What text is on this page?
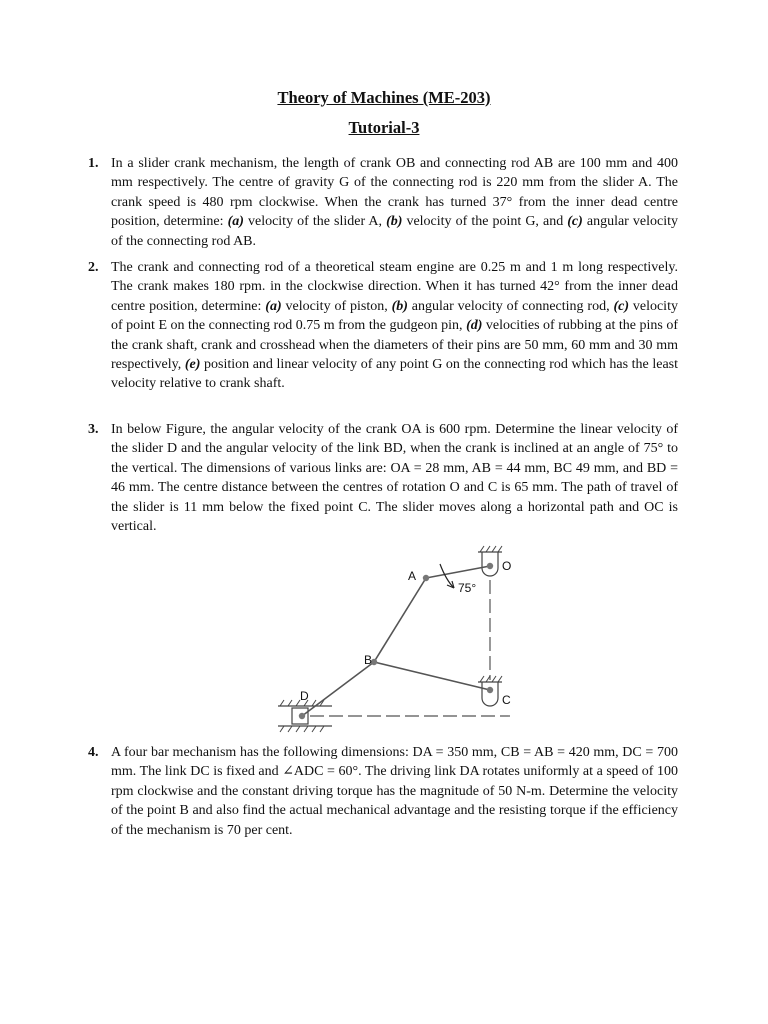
Theory of Machines (ME-203)
Tutorial-3
1. In a slider crank mechanism, the length of crank OB and connecting rod AB are 100 mm and 400 mm respectively. The centre of gravity G of the connecting rod is 220 mm from the slider A. The crank speed is 480 rpm clockwise. When the crank has turned 37° from the inner dead centre position, determine: (a) velocity of the slider A, (b) velocity of the point G, and (c) angular velocity of the connecting rod AB.
2. The crank and connecting rod of a theoretical steam engine are 0.25 m and 1 m long respectively. The crank makes 180 rpm. in the clockwise direction. When it has turned 42° from the inner dead centre position, determine: (a) velocity of piston, (b) angular velocity of connecting rod, (c) velocity of point E on the connecting rod 0.75 m from the gudgeon pin, (d) velocities of rubbing at the pins of the crank shaft, crank and crosshead when the diameters of their pins are 50 mm, 60 mm and 30 mm respectively, (e) position and linear velocity of any point G on the connecting rod which has the least velocity relative to crank shaft.
3. In below Figure, the angular velocity of the crank OA is 600 rpm. Determine the linear velocity of the slider D and the angular velocity of the link BD, when the crank is inclined at an angle of 75° to the vertical. The dimensions of various links are: OA = 28 mm, AB = 44 mm, BC 49 mm, and BD = 46 mm. The centre distance between the centres of rotation O and C is 65 mm. The path of travel of the slider is 11 mm below the fixed point C. The slider moves along a horizontal path and OC is vertical.
A
O
75°
B
C
D
4. A four bar mechanism has the following dimensions: DA = 350 mm, CB = AB = 420 mm, DC = 700 mm. The link DC is fixed and ∠ADC = 60°. The driving link DA rotates uniformly at a speed of 100 rpm clockwise and the constant driving torque has the magnitude of 50 N-m. Determine the velocity of the point B and also find the actual mechanical advantage and the resisting torque if the efficiency of the mechanism is 70 per cent.
